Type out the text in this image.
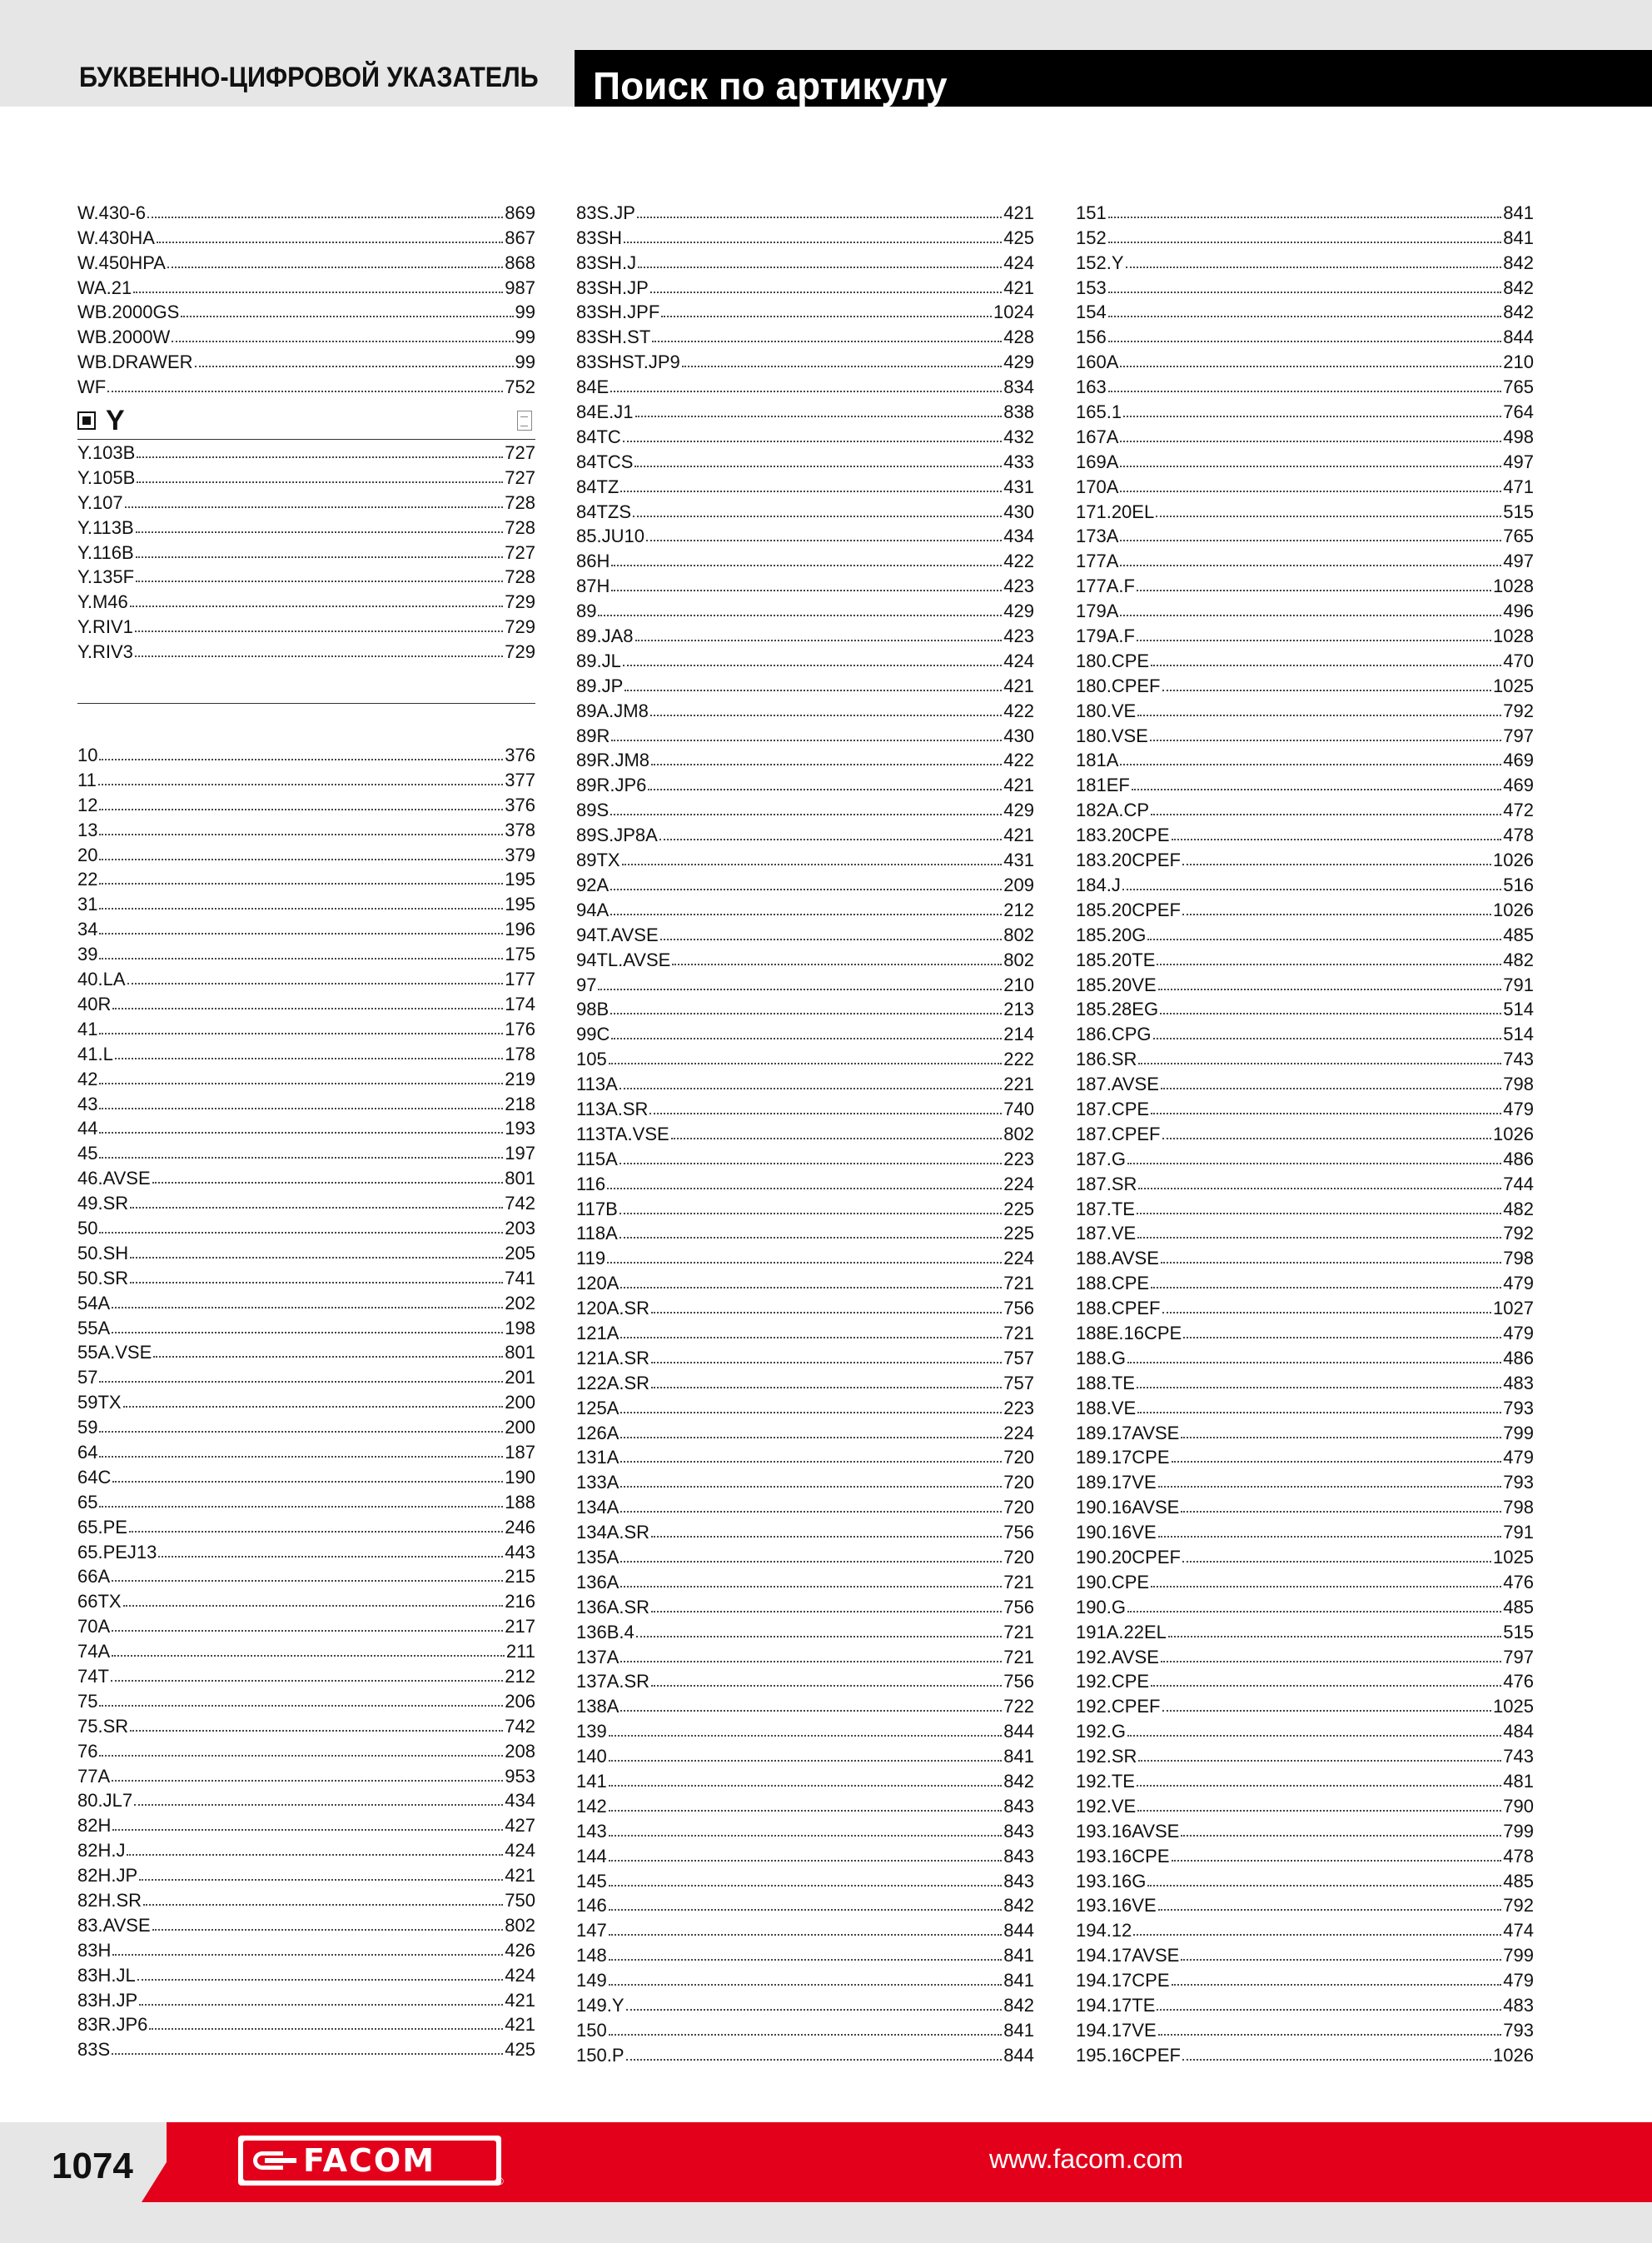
БУКВЕННО-ЦИФРОВОЙ УКАЗАТЕЛЬ Поиск по артикулу
W.430-6	869
W.430HA	867
W.450HPA	868
WA.21	987
WB.2000GS	99
WB.2000W	99
WB.DRAWER	99
WF	752
Y
Y.103B	727
Y.105B	727
Y.107	728
Y.113B	728
Y.116B	727
Y.135F	728
Y.M46	729
Y.RIV1	729
Y.RIV3	729
10	376
11	377
12	376
13	378
20	379
22	195
31	195
34	196
39	175
40.LA	177
40R	174
41	176
41.L	178
42	219
43	218
44	193
45	197
46.AVSE	801
49.SR	742
50	203
50.SH	205
50.SR	741
54A	202
55A	198
55A.VSE	801
57	201
59TX	200
59	200
64	187
64C	190
65	188
65.PE	246
65.PEJ13	443
66A	215
66TX	216
70A	217
74A	211
74T	212
75	206
75.SR	742
76	208
77A	953
80.JL7	434
82H	427
82H.J	424
82H.JP	421
82H.SR	750
83.AVSE	802
83H	426
83H.JL	424
83H.JP	421
83R.JP6	421
83S	425
83S.JP	421
83SH	425
83SH.J	424
83SH.JP	421
83SH.JPF	1024
83SH.ST	428
83SHST.JP9	429
84E	834
84E.J1	838
84TC	432
84TCS	433
84TZ	431
84TZS	430
85.JU10	434
86H	422
87H	423
89	429
89.JA8	423
89.JL	424
89.JP	421
89A.JM8	422
89R	430
89R.JM8	422
89R.JP6	421
89S	429
89S.JP8A	421
89TX	431
92A	209
94A	212
94T.AVSE	802
94TL.AVSE	802
97	210
98B	213
99C	214
105	222
113A	221
113A.SR	740
113TA.VSE	802
115A	223
116	224
117B	225
118A	225
119	224
120A	721
120A.SR	756
121A	721
121A.SR	757
122A.SR	757
125A	223
126A	224
131A	720
133A	720
134A	720
134A.SR	756
135A	720
136A	721
136A.SR	756
136B.4	721
137A	721
137A.SR	756
138A	722
139	844
140	841
141	842
142	843
143	843
144	843
145	843
146	842
147	844
148	841
149	841
149.Y	842
150	841
150.P	844
151	841
152	841
152.Y	842
153	842
154	842
156	844
160A	210
163	765
165.1	764
167A	498
169A	497
170A	471
171.20EL	515
173A	765
177A	497
177A.F	1028
179A	496
179A.F	1028
180.CPE	470
180.CPEF	1025
180.VE	792
180.VSE	797
181A	469
181EF	469
182A.CP	472
183.20CPE	478
183.20CPEF	1026
184.J	516
185.20CPEF	1026
185.20G	485
185.20TE	482
185.20VE	791
185.28EG	514
186.CPG	514
186.SR	743
187.AVSE	798
187.CPE	479
187.CPEF	1026
187.G	486
187.SR	744
187.TE	482
187.VE	792
188.AVSE	798
188.CPE	479
188.CPEF	1027
188E.16CPE	479
188.G	486
188.TE	483
188.VE	793
189.17AVSE	799
189.17CPE	479
189.17VE	793
190.16AVSE	798
190.16VE	791
190.20CPEF	1025
190.CPE	476
190.G	485
191A.22EL	515
192.AVSE	797
192.CPE	476
192.CPEF	1025
192.G	484
192.SR	743
192.TE	481
192.VE	790
193.16AVSE	799
193.16CPE	478
193.16G	485
193.16VE	792
194.12	474
194.17AVSE	799
194.17CPE	479
194.17TE	483
194.17VE	793
195.16CPEF	1026
1074	FACOM
®
www.facom.com
